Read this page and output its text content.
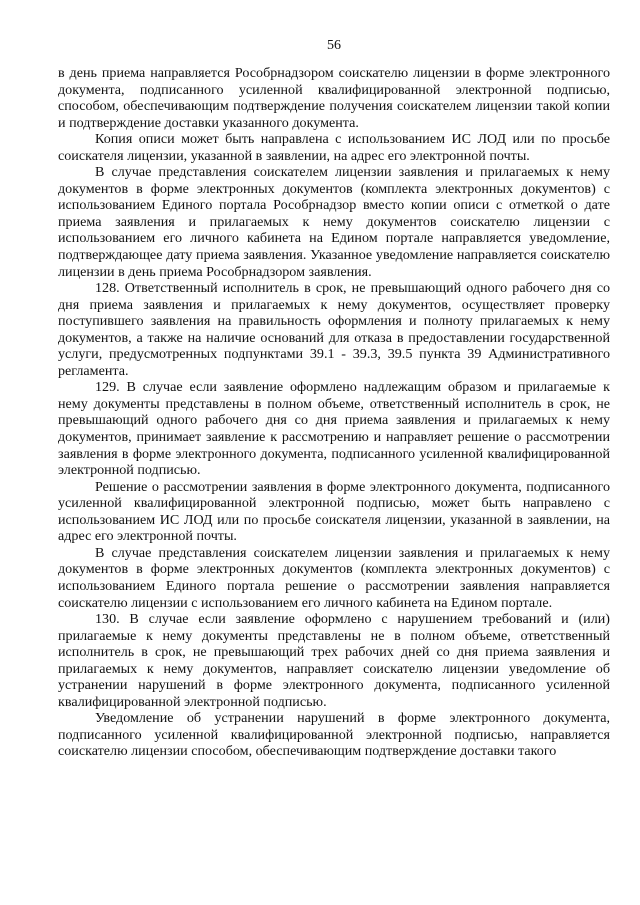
56

в день приема направляется Рособрнадзором соискателю лицензии в форме электронного документа, подписанного усиленной квалифицированной электронной подписью, способом, обеспечивающим подтверждение получения соискателем лицензии такой копии и подтверждение доставки указанного документа.

Копия описи может быть направлена с использованием ИС ЛОД или по просьбе соискателя лицензии, указанной в заявлении, на адрес его электронной почты.

В случае представления соискателем лицензии заявления и прилагаемых к нему документов в форме электронных документов (комплекта электронных документов) с использованием Единого портала Рособрнадзор вместо копии описи с отметкой о дате приема заявления и прилагаемых к нему документов соискателю лицензии с использованием его личного кабинета на Едином портале направляется уведомление, подтверждающее дату приема заявления. Указанное уведомление направляется соискателю лицензии в день приема Рособрнадзором заявления.

128. Ответственный исполнитель в срок, не превышающий одного рабочего дня со дня приема заявления и прилагаемых к нему документов, осуществляет проверку поступившего заявления на правильность оформления и полноту прилагаемых к нему документов, а также на наличие оснований для отказа в предоставлении государственной услуги, предусмотренных подпунктами 39.1 - 39.3, 39.5 пункта 39 Административного регламента.

129. В случае если заявление оформлено надлежащим образом и прилагаемые к нему документы представлены в полном объеме, ответственный исполнитель в срок, не превышающий одного рабочего дня со дня приема заявления и прилагаемых к нему документов, принимает заявление к рассмотрению и направляет решение о рассмотрении заявления в форме электронного документа, подписанного усиленной квалифицированной электронной подписью.

Решение о рассмотрении заявления в форме электронного документа, подписанного усиленной квалифицированной электронной подписью, может быть направлено с использованием ИС ЛОД или по просьбе соискателя лицензии, указанной в заявлении, на адрес его электронной почты.

В случае представления соискателем лицензии заявления и прилагаемых к нему документов в форме электронных документов (комплекта электронных документов) с использованием Единого портала решение о рассмотрении заявления направляется соискателю лицензии с использованием его личного кабинета на Едином портале.

130. В случае если заявление оформлено с нарушением требований и (или) прилагаемые к нему документы представлены не в полном объеме, ответственный исполнитель в срок, не превышающий трех рабочих дней со дня приема заявления и прилагаемых к нему документов, направляет соискателю лицензии уведомление об устранении нарушений в форме электронного документа, подписанного усиленной квалифицированной электронной подписью.

Уведомление об устранении нарушений в форме электронного документа, подписанного усиленной квалифицированной электронной подписью, направляется соискателю лицензии способом, обеспечивающим подтверждение доставки такого
